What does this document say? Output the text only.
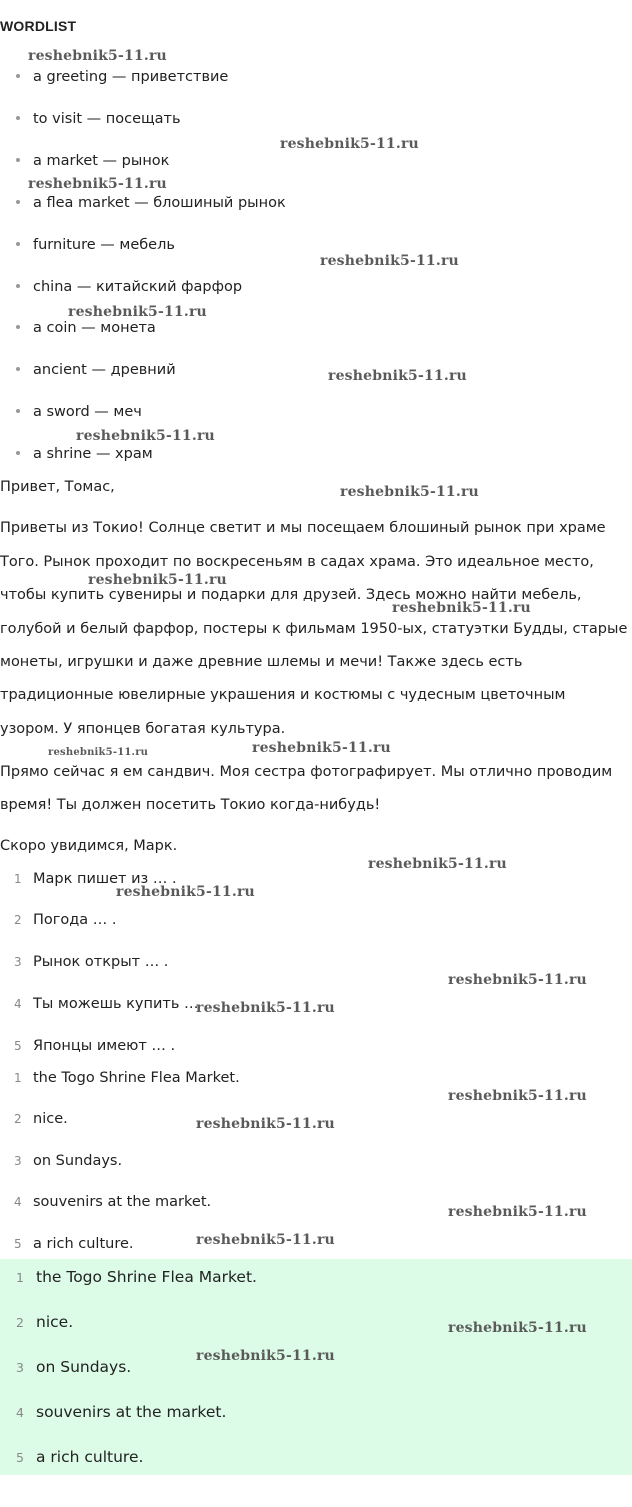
WORDLIST
a greeting — приветствие
to visit — посещать
a market — рынок
a flea market — блошиный рынок
furniture — мебель
china — китайский фарфор
a coin — монета
ancient — древний
a sword — меч
a shrine — храм
Привет, Томас,
Приветы из Токио! Солнце светит и мы посещаем блошиный рынок при храме
Того. Рынок проходит по воскресеньям в садах храма. Это идеальное место,
чтобы купить сувениры и подарки для друзей. Здесь можно найти мебель,
голубой и белый фарфор, постеры к фильмам 1950-ых, статуэтки Будды, старые
монеты, игрушки и даже древние шлемы и мечи! Также здесь есть
традиционные ювелирные украшения и костюмы с чудесным цветочным
узором. У японцев богатая культура.
Прямо сейчас я ем сандвич. Моя сестра фотографирует. Мы отлично проводим
время! Ты должен посетить Токио когда-нибудь!
Скоро увидимся, Марк.
1 Марк пишет из … .
2 Погода … .
3 Рынок открыт … .
4 Ты можешь купить … .
5 Японцы имеют … .
1 the Togo Shrine Flea Market.
2 nice.
3 on Sundays.
4 souvenirs at the market.
5 a rich culture.
1 the Togo Shrine Flea Market.
2 nice.
3 on Sundays.
4 souvenirs at the market.
5 a rich culture.
reshebnik5-11.ru
reshebnik5-11.ru
reshebnik5-11.ru
reshebnik5-11.ru
reshebnik5-11.ru
reshebnik5-11.ru
reshebnik5-11.ru
reshebnik5-11.ru
reshebnik5-11.ru
reshebnik5-11.ru
reshebnik5-11.ru	reshebnik5-11.ru
reshebnik5-11.ru
reshebnik5-11.ru
reshebnik5-11.ru
reshebnik5-11.ru
reshebnik5-11.ru
reshebnik5-11.ru
reshebnik5-11.ru
reshebnik5-11.ru
reshebnik5-11.ru
reshebnik5-11.ru
